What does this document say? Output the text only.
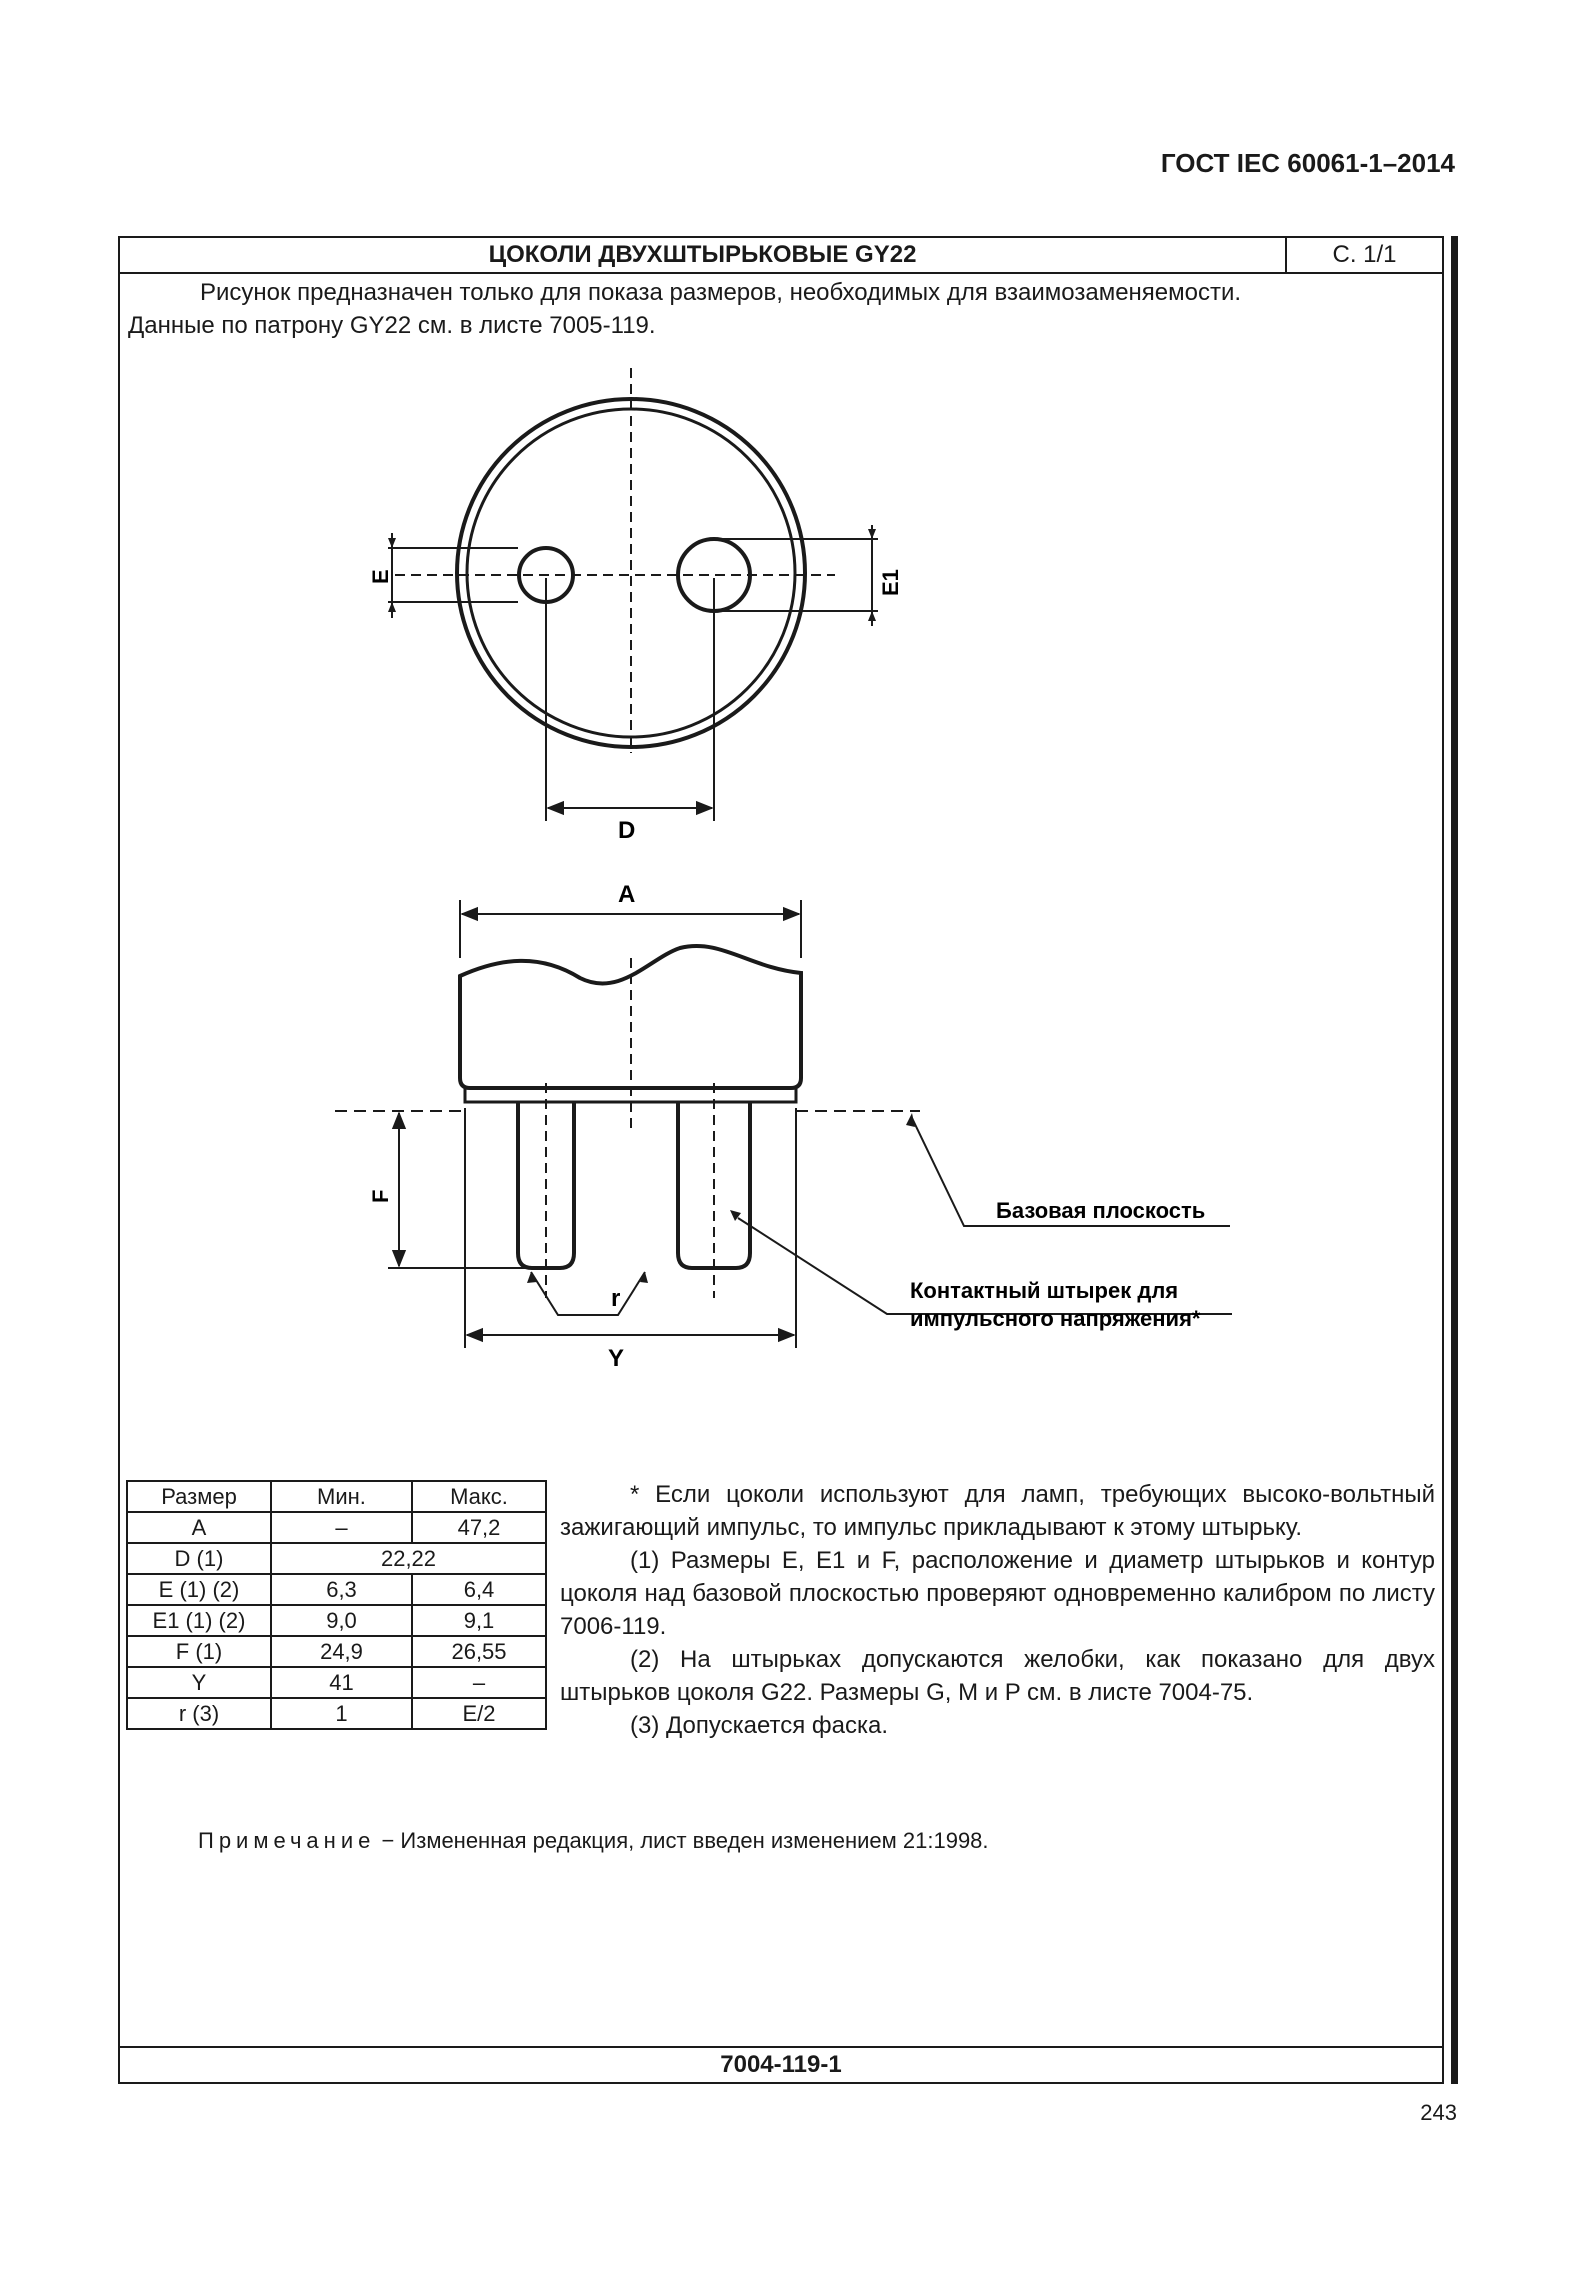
ГОСТ IEC 60061-1–2014
ЦОКОЛИ ДВУХШТЫРЬКОВЫЕ GY22	С. 1/1

Рисунок предназначен только для показа размеров, необходимых для взаимозаменяемости.

Данные по патрону GY22 см. в листе 7005-119.

E	E1
D
A
F
r
Y
Базовая плоскость
Контактный штырек для
импульсного напряжения*
Размер	Мин.	Макс.
A	–	47,2
D (1)	22,22	
E (1) (2)	6,3	6,4
E1 (1) (2)	9,0	9,1
F (1)	24,9	26,55
Y	41	–
r (3)	1	E/2

* Если цоколи используют для ламп, требующих высоко-вольтный зажигающий импульс, то импульс прикладывают к этому штырьку.

(1) Размеры E, E1 и F, расположение и диаметр штырьков и контур цоколя над базовой плоскостью проверяют одновременно калибром по листу 7006-119.

(2) На штырьках допускаются желобки, как показано для двух штырьков цоколя G22. Размеры G, M и P см. в листе 7004-75.

(3) Допускается фаска.

Примечание − Измененная редакция, лист введен изменением 21:1998.
7004-119-1
243
